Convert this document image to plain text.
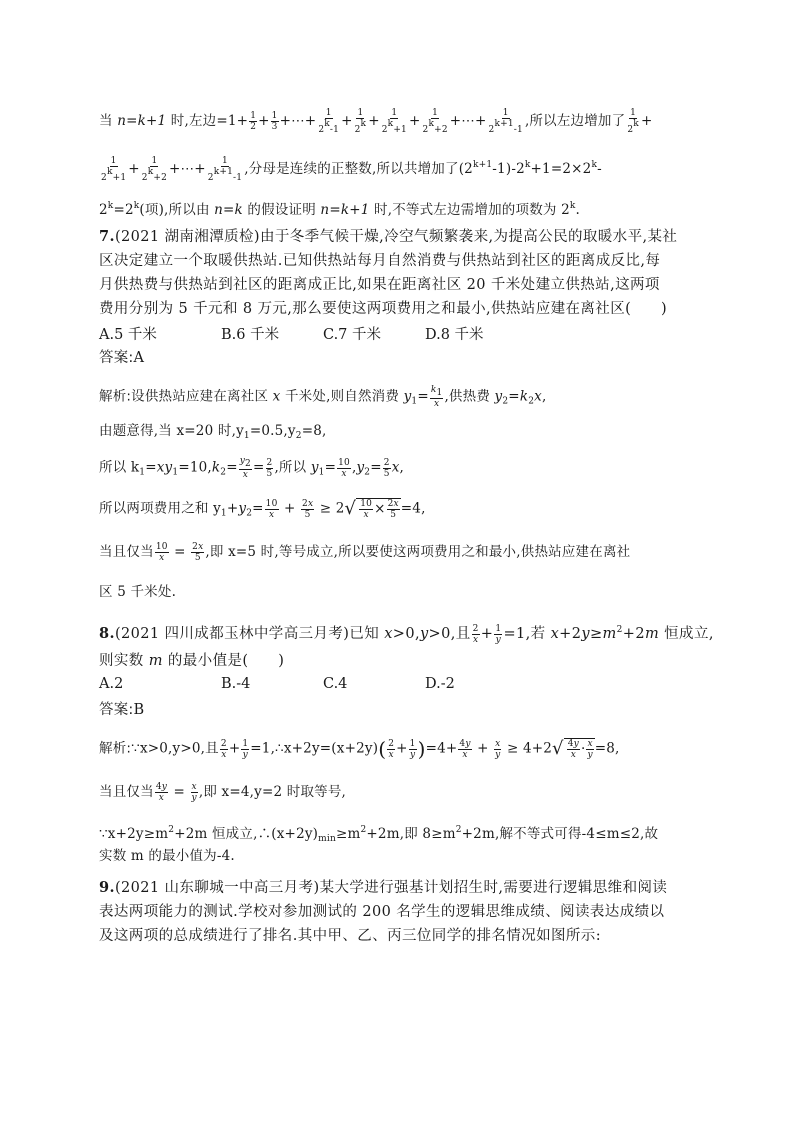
当 n=k+1 时,左边$=1+ \frac{1}{2} + \frac{1}{3}$ +⋯+ $\frac{1}{2^k-1} + \frac{1}{2^k} + \frac{1}{2^k+1} + \frac{1}{2^k+2}$ +⋯+ $\frac{1}{2^{k+1}-1}$ ,所以左边增加了 $\frac{1}{2^k}$ +
$\frac{1}{2^k+1} + \frac{1}{2^k+2}$ +⋯+ $\frac{1}{2^{k+1}-1}$ ,分母是连续的正整数,所以共增加了$(2^{k+1}-1)-2^k+1=2\times 2^k-$
$2^k=2^k$(项),所以由 n=k 的假设证明 n=k+1 时,不等式左边需增加的项数为 2$^k$.
7.(2021 湖南湘潭质检)由于冬季气候干燥,冷空气频繁袭来,为提高公民的取暖水平,某社
区决定建立一个取暖供热站.已知供热站每月自然消费与供热站到社区的距离成反比,每
月供热费与供热站到社区的距离成正比,如果在距离社区 20 千米处建立供热站,这两项
费用分别为 5 千元和 8 万元,那么要使这两项费用之和最小,供热站应建在离社区(　　)
A.5 千米	B.6 千米	C.7 千米	D.8 千米
答案:A
解析:设供热站应建在离社区 x 千米处,则自然消费 $y_1= \frac{k_1}{x}$ ,供热费 $y_2=k_2x$,
由题意得,当 x=20 时$,y_1=0.5,y_2=8$,
所以 $k_1=xy_1=10,k_2= \frac{y_2}{x} = \frac{2}{5}$ ,所以 $y_1= \frac{10}{x} ,y_2= \frac{2}{5} x$,
所以两项费用之和 $y_1+y_2= \frac{10}{x} + \frac{2x}{5} \ge 2√ \frac{10}{x} \times \frac{2x}{5} =4$,
当且仅当 $\frac{10}{x} = \frac{2x}{5}$ ,即 x=5 时,等号成立,所以要使这两项费用之和最小,供热站应建在离社
区 5 千米处.
8.(2021 四川成都玉林中学高三月考)已知 x>0,y>0,且 $\frac{2}{x} + \frac{1}{y} =1$,若 $x+2y\ge m^2+2m$ 恒成立,
则实数 m 的最小值是(　　)
A.2	B.-4	C.4	D.-2
答案:B
解析:∵x>0,y>0,且 $\frac{2}{x} + \frac{1}{y}$ =1,∴x+2y=(x+2y)( $\frac{2}{x} + \frac{1}{y} )=4+ \frac{4y}{x} + \frac{x}{y} \ge 4+2√ \frac{4y}{x} \cdot \frac{x}{y} =8$,
当且仅当 $\frac{4y}{x} = \frac{x}{y}$ ,即 x=4,y=2 时取等号,
$\because x+2y\ge m^2+2m$ 恒成立$,\therefore(x+2y)_{min}\ge m^2+2m$,即 $8\ge m^2+2m$,解不等式可得-4≤m≤2,故
实数 m 的最小值为-4.
9.(2021 山东聊城一中高三月考)某大学进行强基计划招生时,需要进行逻辑思维和阅读
表达两项能力的测试.学校对参加测试的 200 名学生的逻辑思维成绩、阅读表达成绩以
及这两项的总成绩进行了排名.其中甲、乙、丙三位同学的排名情况如图所示:
